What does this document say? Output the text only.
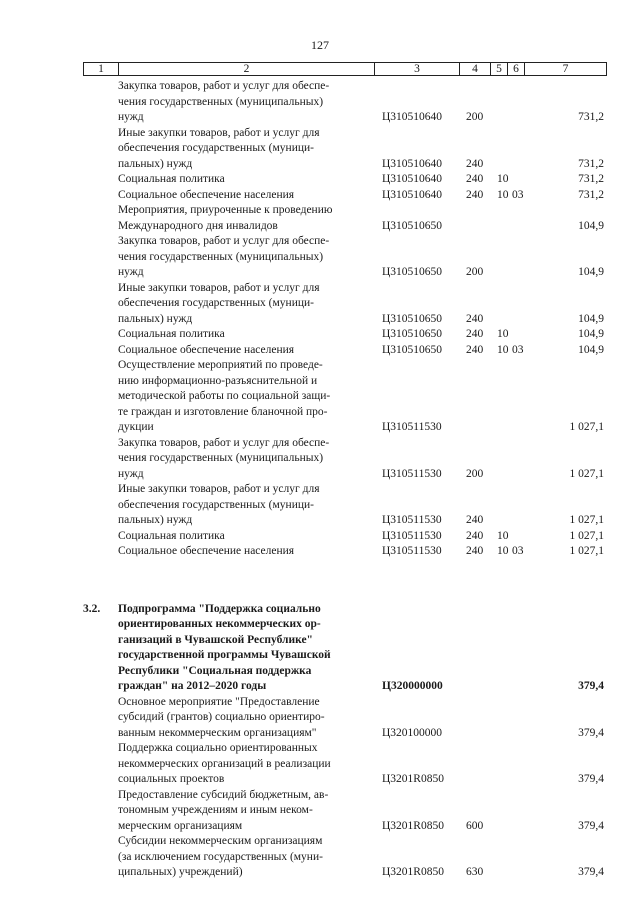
127
1	2	3	4	5	6	7
Закупка товаров, работ и услуг для обеспе-
чения государственных (муниципальных)
нужд	Ц310510640 200	731,2
Иные закупки товаров, работ и услуг для
обеспечения государственных (муници-
пальных) нужд	Ц310510640 240	731,2
Социальная политика	Ц310510640 240 10	731,2
Социальное обеспечение населения	Ц310510640 240 10 03	731,2
Мероприятия, приуроченные к проведению
Международного дня инвалидов	Ц310510650	104,9
Закупка товаров, работ и услуг для обеспе-
чения государственных (муниципальных)
нужд	Ц310510650 200	104,9
Иные закупки товаров, работ и услуг для
обеспечения государственных (муници-
пальных) нужд	Ц310510650 240	104,9
Социальная политика	Ц310510650 240 10	104,9
Социальное обеспечение населения	Ц310510650 240 10 03	104,9
Осуществление мероприятий по проведе-
нию информационно-разъяснительной и
методической работы по социальной защи-
те граждан и изготовление бланочной про-
дукции	Ц310511530	1 027,1
Закупка товаров, работ и услуг для обеспе-
чения государственных (муниципальных)
нужд	Ц310511530 200	1 027,1
Иные закупки товаров, работ и услуг для
обеспечения государственных (муници-
пальных) нужд	Ц310511530 240	1 027,1
Социальная политика	Ц310511530 240 10	1 027,1
Социальное обеспечение населения	Ц310511530 240 10 03	1 027,1
3.2. Подпрограмма "Поддержка социально
ориентированных некоммерческих ор-
ганизаций в Чувашской Республике"
государственной программы Чувашской
Республики "Социальная поддержка
граждан" на 2012–2020 годы	Ц320000000	379,4
Основное мероприятие "Предоставление
субсидий (грантов) социально ориентиро-
ванным некоммерческим организациям"	Ц320100000	379,4
Поддержка социально ориентированных
некоммерческих организаций в реализации
социальных проектов	Ц3201R0850	379,4
Предоставление субсидий бюджетным, ав-
тономным учреждениям и иным неком-
мерческим организациям	Ц3201R0850 600	379,4
Субсидии некоммерческим организациям
(за исключением государственных (муни-
ципальных) учреждений)	Ц3201R0850 630	379,4
